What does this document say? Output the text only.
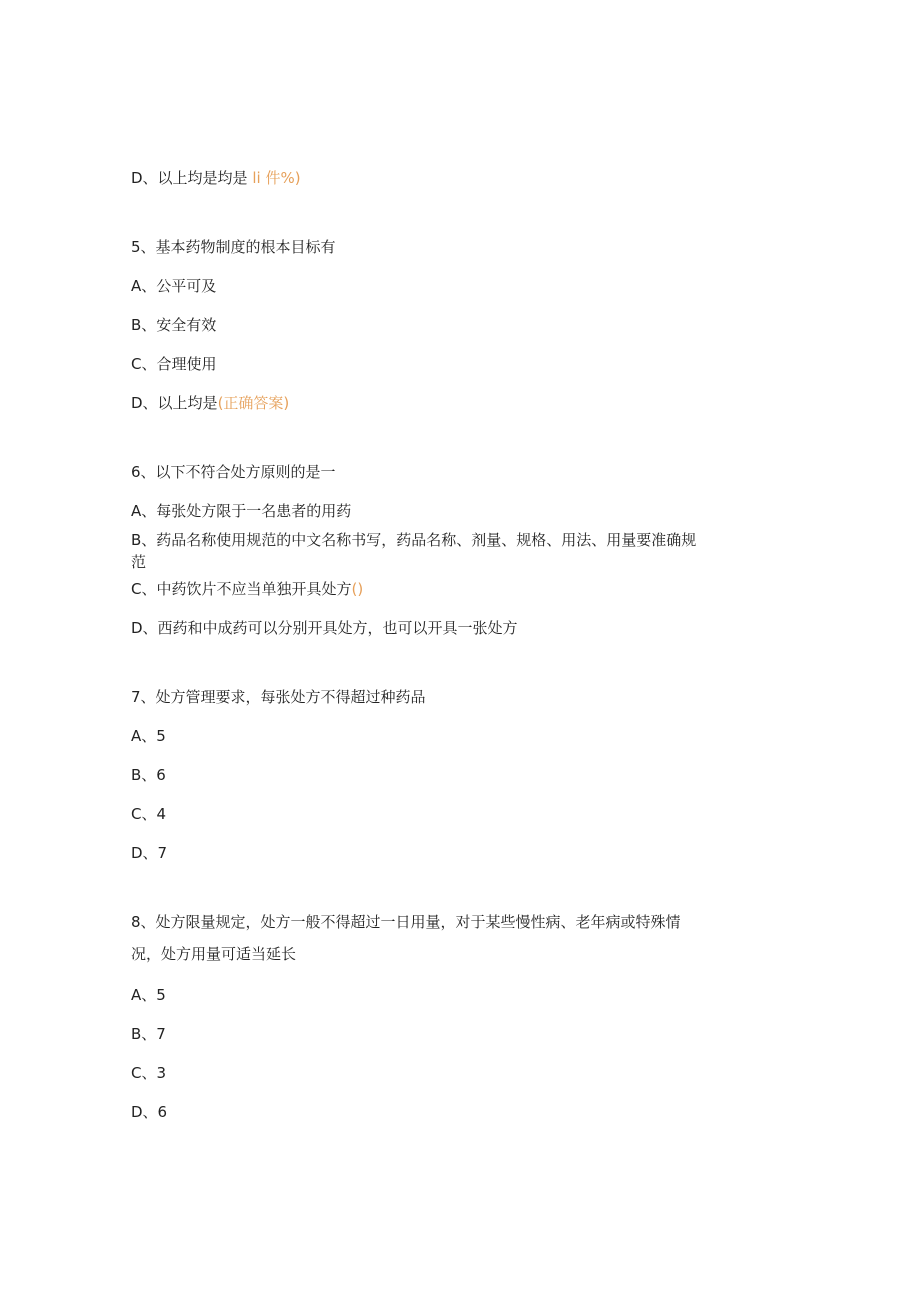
D、以上均是均是 li 件%)
5、基本药物制度的根本目标有
A、公平可及
B、安全有效
C、合理使用
D、以上均是(正确答案)
6、以下不符合处方原则的是一
A、每张处方限于一名患者的用药
B、药品名称使用规范的中文名称书写，药品名称、剂量、规格、用法、用量要准确规
范
C、中药饮片不应当单独开具处方()
D、西药和中成药可以分别开具处方，也可以开具一张处方
7、处方管理要求，每张处方不得超过种药品
A、5
B、6
C、4
D、7
8、处方限量规定，处方一般不得超过一日用量，对于某些慢性病、老年病或特殊情
况，处方用量可适当延长
A、5
B、7
C、3
D、6
